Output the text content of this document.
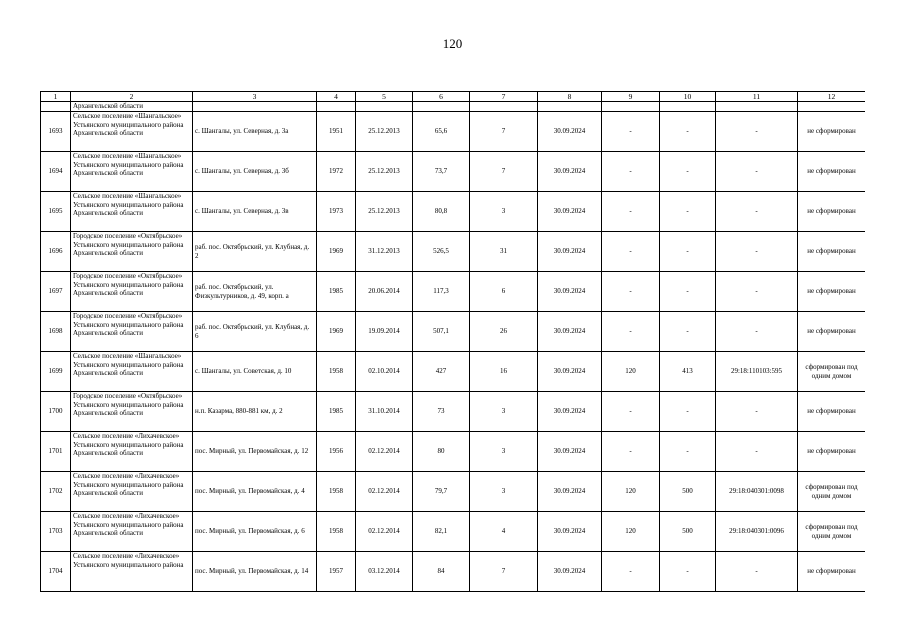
120
1	2	3	4	5	6	7	8	9	10	11	12
	Архангельской области										
1693	Сельское поселение «Шангальское» Устьянского муниципального района Архангельской области	с. Шангалы, ул. Северная, д. 3а	1951	25.12.2013	65,6	7	30.09.2024	-	-	-	не сформирован
1694	Сельское поселение «Шангальское» Устьянского муниципального района Архангельской области	с. Шангалы, ул. Северная, д. 3б	1972	25.12.2013	73,7	7	30.09.2024	-	-	-	не сформирован
1695	Сельское поселение «Шангальское» Устьянского муниципального района Архангельской области	с. Шангалы, ул. Северная, д. 3в	1973	25.12.2013	80,8	3	30.09.2024	-	-	-	не сформирован
1696	Городское поселение «Октябрьское» Устьянского муниципального района Архангельской области	раб. пос. Октябрьский, ул. Клубная, д. 2	1969	31.12.2013	526,5	31	30.09.2024	-	-	-	не сформирован
1697	Городское поселение «Октябрьское» Устьянского муниципального района Архангельской области	раб. пос. Октябрьский, ул. Физкультурников, д. 49, корп. а	1985	20.06.2014	117,3	6	30.09.2024	-	-	-	не сформирован
1698	Городское поселение «Октябрьское» Устьянского муниципального района Архангельской области	раб. пос. Октябрьский, ул. Клубная, д. 6	1969	19.09.2014	507,1	26	30.09.2024	-	-	-	не сформирован
1699	Сельское поселение «Шангальское» Устьянского муниципального района Архангельской области	с. Шангалы, ул. Советская, д. 10	1958	02.10.2014	427	16	30.09.2024	120	413	29:18:110103:595	сформирован под одним домом
1700	Городское поселение «Октябрьское» Устьянского муниципального района Архангельской области	н.п. Казарма, 880-881 км, д. 2	1985	31.10.2014	73	3	30.09.2024	-	-	-	не сформирован
1701	Сельское поселение «Лихачевское» Устьянского муниципального района Архангельской области	пос. Мирный, ул. Первомайская, д. 12	1956	02.12.2014	80	3	30.09.2024	-	-	-	не сформирован
1702	Сельское поселение «Лихачевское» Устьянского муниципального района Архангельской области	пос. Мирный, ул. Первомайская, д. 4	1958	02.12.2014	79,7	3	30.09.2024	120	500	29:18:040301:0098	сформирован под одним домом
1703	Сельское поселение «Лихачевское» Устьянского муниципального района Архангельской области	пос. Мирный, ул. Первомайская, д. 6	1958	02.12.2014	82,1	4	30.09.2024	120	500	29:18:040301:0096	сформирован под одним домом
1704	Сельское поселение «Лихачевское» Устьянского муниципального района	пос. Мирный, ул. Первомайская, д. 14	1957	03.12.2014	84	7	30.09.2024	-	-	-	не сформирован
